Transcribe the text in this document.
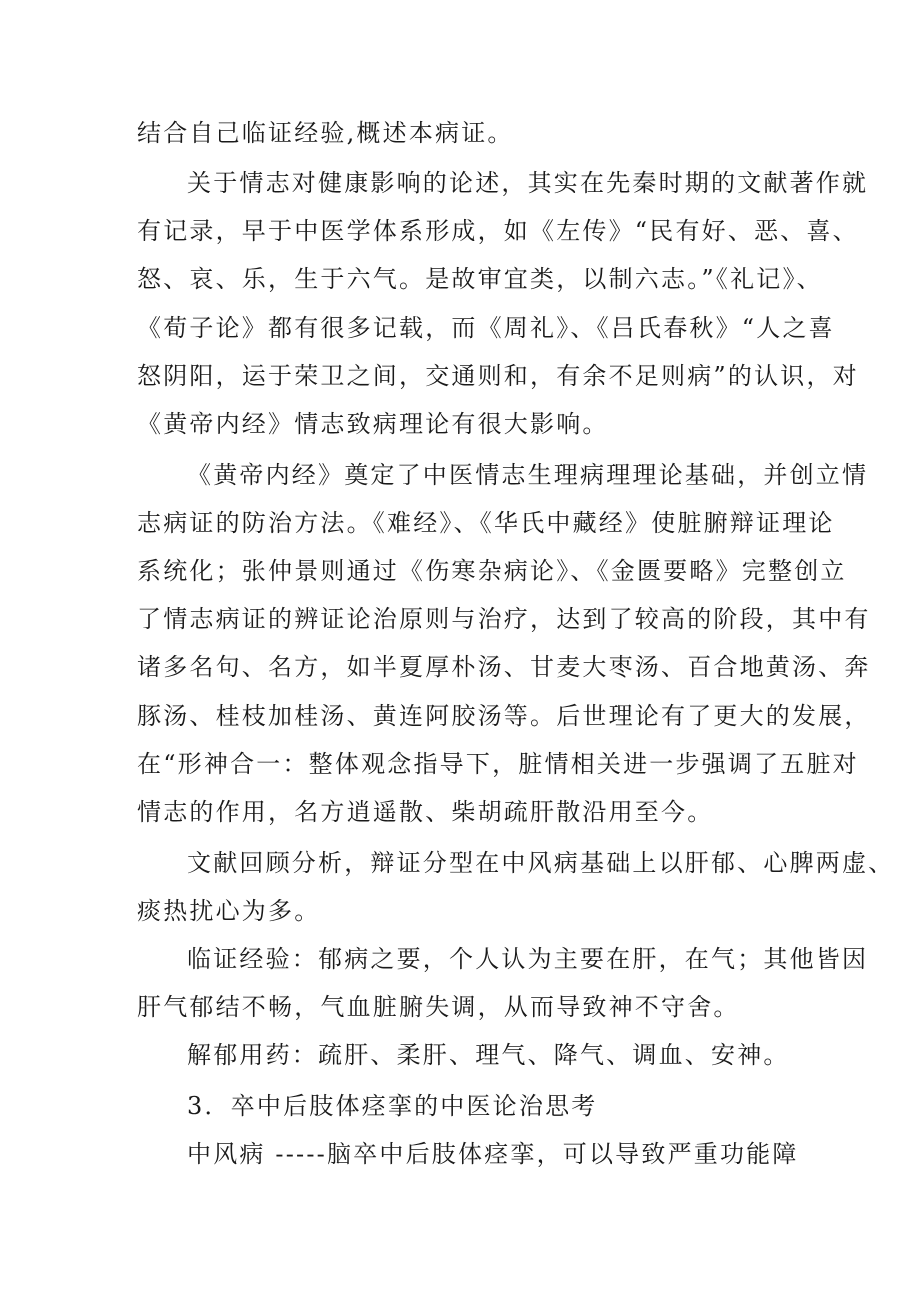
结合自己临证经验,概述本病证。
关于情志对健康影响的论述，其实在先秦时期的文献著作就
有记录，早于中医学体系形成，如《左传》“民有好、恶、喜、
怒、哀、乐，生于六气。是故审宜类，以制六志。”《礼记》、
《荀子论》都有很多记载，而《周礼》、《吕氏春秋》“人之喜
怒阴阳，运于荣卫之间，交通则和，有余不足则病”的认识，对
《黄帝内经》情志致病理论有很大影响。
《黄帝内经》奠定了中医情志生理病理理论基础，并创立情
志病证的防治方法。《难经》、《华氏中藏经》使脏腑辩证理论
系统化；张仲景则通过《伤寒杂病论》、《金匮要略》完整创立
了情志病证的辨证论治原则与治疗，达到了较高的阶段，其中有
诸多名句、名方，如半夏厚朴汤、甘麦大枣汤、百合地黄汤、奔
豚汤、桂枝加桂汤、黄连阿胶汤等。后世理论有了更大的发展，
在“形神合一：整体观念指导下，脏情相关进一步强调了五脏对
情志的作用，名方逍遥散、柴胡疏肝散沿用至今。
文献回顾分析，辩证分型在中风病基础上以肝郁、心脾两虚、
痰热扰心为多。
临证经验：郁病之要，个人认为主要在肝，在气；其他皆因
肝气郁结不畅，气血脏腑失调，从而导致神不守舍。
解郁用药：疏肝、柔肝、理气、降气、调血、安神。
3．卒中后肢体痉挛的中医论治思考
中风病 -----脑卒中后肢体痉挛，可以导致严重功能障
